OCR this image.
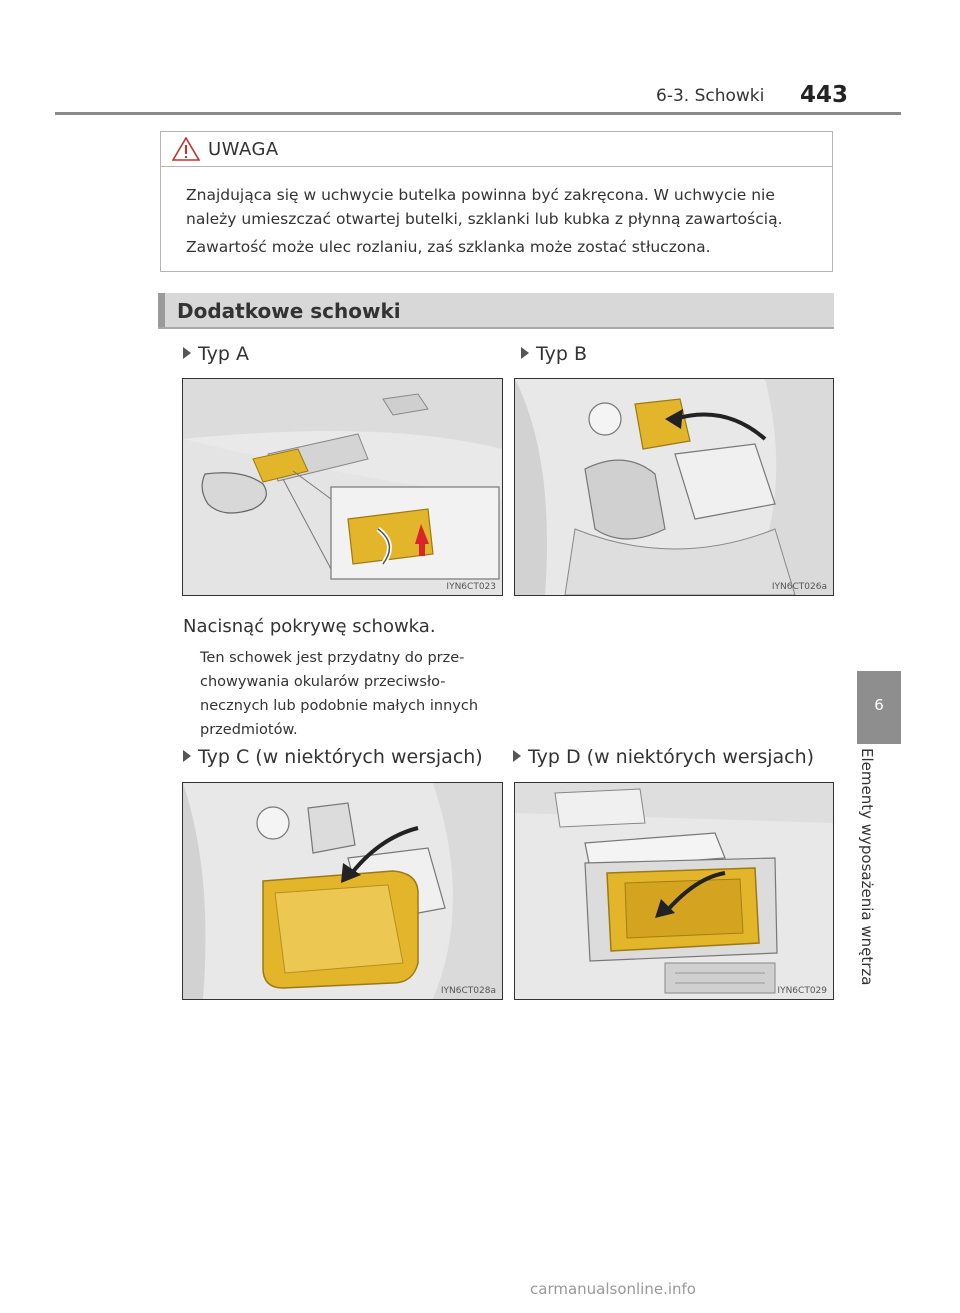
6-3. Schowki 443
UWAGA
Znajdująca się w uchwycie butelka powinna być zakręcona. W uchwycie nie
należy umieszczać otwartej butelki, szklanki lub kubka z płynną zawartością.
Zawartość może ulec rozlaniu, zaś szklanka może zostać stłuczona.
Dodatkowe schowki
Typ A	Typ B
IYN6CT023	IYN6CT026a
Nacisnąć pokrywę schowka.
Ten schowek jest przydatny do prze-
chowywania okularów przeciwsło-
necznych lub podobnie małych innych
przedmiotów.
Typ C (w niektórych wersjach)	Typ D (w niektórych wersjach)
IYN6CT028a	IYN6CT029
6
Elementy wyposażenia wnętrza
carmanualsonline.info
